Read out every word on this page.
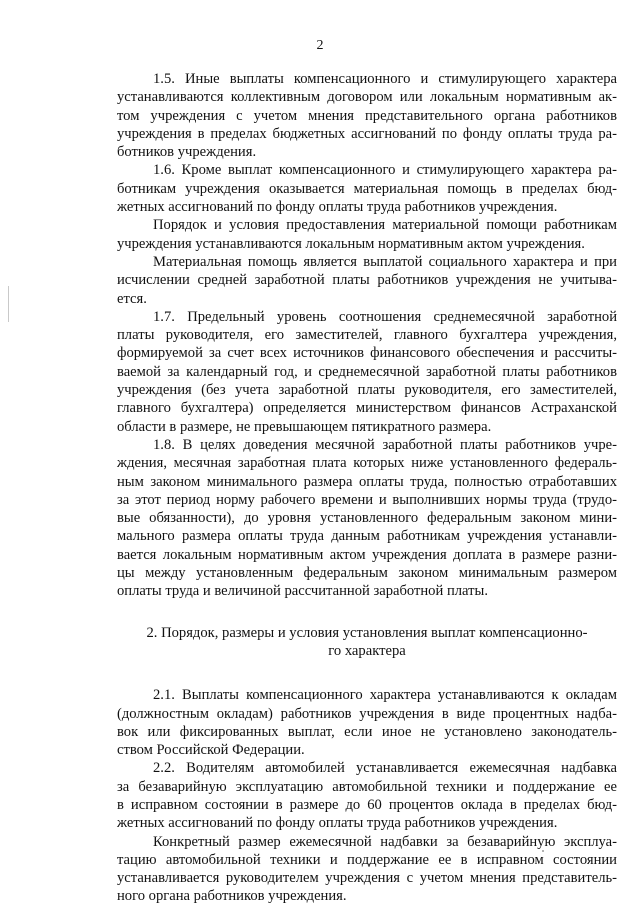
2
1.5. Иные выплаты компенсационного и стимулирующего характера
устанавливаются коллективным договором или локальным нормативным ак-
том учреждения с учетом мнения представительного органа работников
учреждения в пределах бюджетных ассигнований по фонду оплаты труда ра-
ботников учреждения.
1.6. Кроме выплат компенсационного и стимулирующего характера ра-
ботникам учреждения оказывается материальная помощь в пределах бюд-
жетных ассигнований по фонду оплаты труда работников учреждения.
Порядок и условия предоставления материальной помощи работникам
учреждения устанавливаются локальным нормативным актом учреждения.
Материальная помощь является выплатой социального характера и при
исчислении средней заработной платы работников учреждения не учитыва-
ется.
1.7. Предельный уровень соотношения среднемесячной заработной
платы руководителя, его заместителей, главного бухгалтера учреждения,
формируемой за счет всех источников финансового обеспечения и рассчиты-
ваемой за календарный год, и среднемесячной заработной платы работников
учреждения (без учета заработной платы руководителя, его заместителей,
главного бухгалтера) определяется министерством финансов Астраханской
области в размере, не превышающем пятикратного размера.
1.8. В целях доведения месячной заработной платы работников учре-
ждения, месячная заработная плата которых ниже установленного федераль-
ным законом минимального размера оплаты труда, полностью отработавших
за этот период норму рабочего времени и выполнивших нормы труда (трудо-
вые обязанности), до уровня установленного федеральным законом мини-
мального размера оплаты труда данным работникам учреждения устанавли-
вается локальным нормативным актом учреждения доплата в размере разни-
цы между установленным федеральным законом минимальным размером
оплаты труда и величиной рассчитанной заработной платы.
2. Порядок, размеры и условия установления выплат компенсационно-
го характера
2.1. Выплаты компенсационного характера устанавливаются к окладам
(должностным окладам) работников учреждения в виде процентных надба-
вок или фиксированных выплат, если иное не установлено законодатель-
ством Российской Федерации.
2.2. Водителям автомобилей устанавливается ежемесячная надбавка
за безаварийную эксплуатацию автомобильной техники и поддержание ее
в исправном состоянии в размере до 60 процентов оклада в пределах бюд-
жетных ассигнований по фонду оплаты труда работников учреждения.
Конкретный размер ежемесячной надбавки за безаварийную эксплуа-
тацию автомобильной техники и поддержание ее в исправном состоянии
устанавливается руководителем учреждения с учетом мнения представитель-
ного органа работников учреждения.
